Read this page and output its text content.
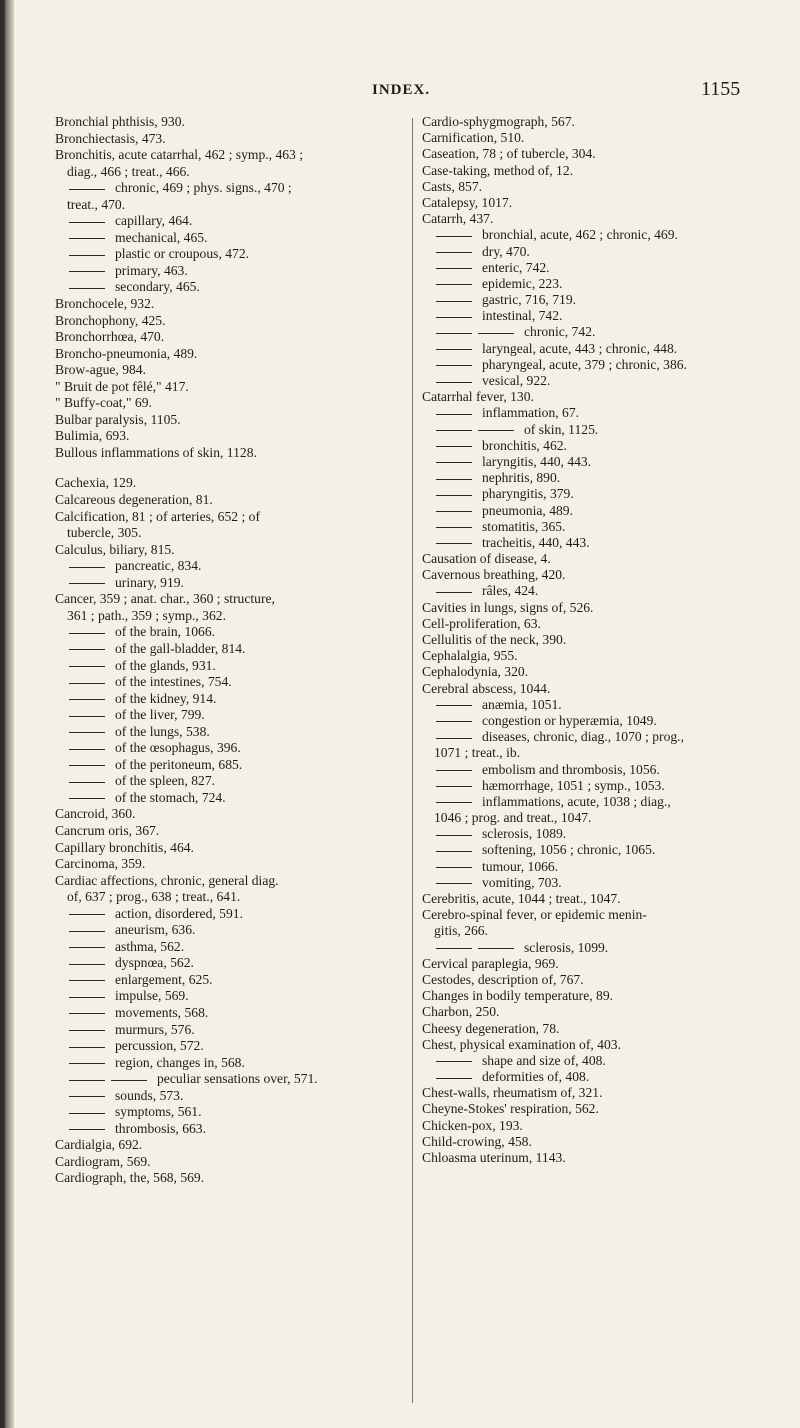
INDEX.	1155
Bronchial phthisis, 930.
Bronchiectasis, 473.
Bronchitis, acute catarrhal, 462 ; symp., 463 ;
diag., 466 ; treat., 466.
chronic, 469 ; phys. signs., 470 ;
treat., 470.
capillary, 464.
mechanical, 465.
plastic or croupous, 472.
primary, 463.
secondary, 465.
Bronchocele, 932.
Bronchophony, 425.
Bronchorrhœa, 470.
Broncho-pneumonia, 489.
Brow-ague, 984.
" Bruit de pot fêlé," 417.
" Buffy-coat," 69.
Bulbar paralysis, 1105.
Bulimia, 693.
Bullous inflammations of skin, 1128.
Cachexia, 129.
Calcareous degeneration, 81.
Calcification, 81 ; of arteries, 652 ; of
tubercle, 305.
Calculus, biliary, 815.
pancreatic, 834.
urinary, 919.
Cancer, 359 ; anat. char., 360 ; structure,
361 ; path., 359 ; symp., 362.
of the brain, 1066.
of the gall-bladder, 814.
of the glands, 931.
of the intestines, 754.
of the kidney, 914.
of the liver, 799.
of the lungs, 538.
of the œsophagus, 396.
of the peritoneum, 685.
of the spleen, 827.
of the stomach, 724.
Cancroid, 360.
Cancrum oris, 367.
Capillary bronchitis, 464.
Carcinoma, 359.
Cardiac affections, chronic, general diag.
of, 637 ; prog., 638 ; treat., 641.
action, disordered, 591.
aneurism, 636.
asthma, 562.
dyspnœa, 562.
enlargement, 625.
impulse, 569.
movements, 568.
murmurs, 576.
percussion, 572.
region, changes in, 568.
peculiar sensations over, 571.
sounds, 573.
symptoms, 561.
thrombosis, 663.
Cardialgia, 692.
Cardiogram, 569.
Cardiograph, the, 568, 569.
Cardio-sphygmograph, 567.
Carnification, 510.
Caseation, 78 ; of tubercle, 304.
Case-taking, method of, 12.
Casts, 857.
Catalepsy, 1017.
Catarrh, 437.
bronchial, acute, 462 ; chronic, 469.
dry, 470.
enteric, 742.
epidemic, 223.
gastric, 716, 719.
intestinal, 742.
chronic, 742.
laryngeal, acute, 443 ; chronic, 448.
pharyngeal, acute, 379 ; chronic, 386.
vesical, 922.
Catarrhal fever, 130.
inflammation, 67.
of skin, 1125.
bronchitis, 462.
laryngitis, 440, 443.
nephritis, 890.
pharyngitis, 379.
pneumonia, 489.
stomatitis, 365.
tracheitis, 440, 443.
Causation of disease, 4.
Cavernous breathing, 420.
râles, 424.
Cavities in lungs, signs of, 526.
Cell-proliferation, 63.
Cellulitis of the neck, 390.
Cephalalgia, 955.
Cephalodynia, 320.
Cerebral abscess, 1044.
anæmia, 1051.
congestion or hyperæmia, 1049.
diseases, chronic, diag., 1070 ; prog.,
1071 ; treat., ib.
embolism and thrombosis, 1056.
hæmorrhage, 1051 ; symp., 1053.
inflammations, acute, 1038 ; diag.,
1046 ; prog. and treat., 1047.
sclerosis, 1089.
softening, 1056 ; chronic, 1065.
tumour, 1066.
vomiting, 703.
Cerebritis, acute, 1044 ; treat., 1047.
Cerebro-spinal fever, or epidemic menin-
gitis, 266.
sclerosis, 1099.
Cervical paraplegia, 969.
Cestodes, description of, 767.
Changes in bodily temperature, 89.
Charbon, 250.
Cheesy degeneration, 78.
Chest, physical examination of, 403.
shape and size of, 408.
deformities of, 408.
Chest-walls, rheumatism of, 321.
Cheyne-Stokes' respiration, 562.
Chicken-pox, 193.
Child-crowing, 458.
Chloasma uterinum, 1143.
